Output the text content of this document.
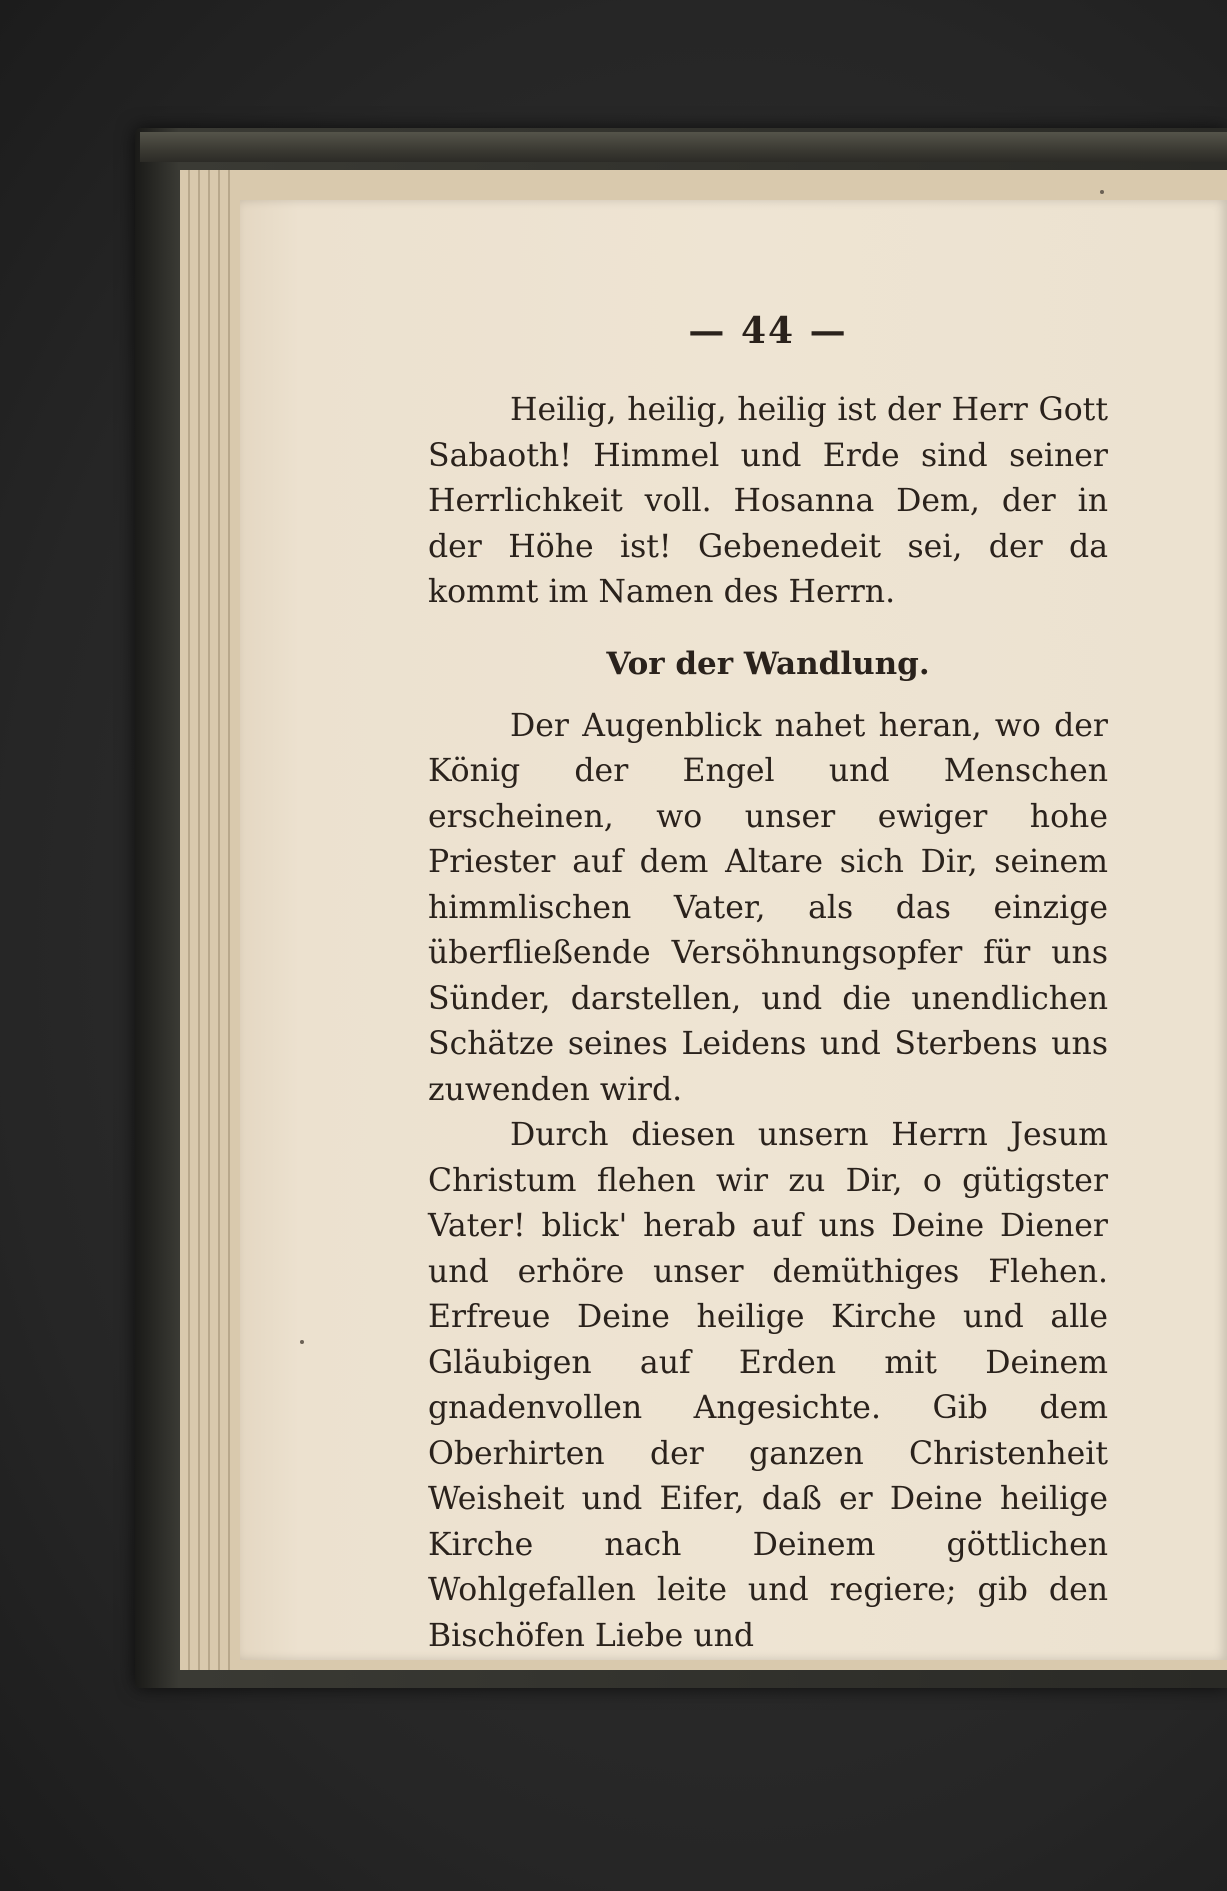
— 44 —

Heilig, heilig, heilig ist der Herr Gott Sabaoth! Himmel und Erde sind seiner Herrlichkeit voll. Hosanna Dem, der in der Höhe ist! Gebenedeit sei, der da kommt im Namen des Herrn.

Vor der Wandlung.

Der Augenblick nahet heran, wo der König der Engel und Menschen erscheinen, wo unser ewiger hohe Priester auf dem Altare sich Dir, seinem himmlischen Vater, als das einzige überfließende Versöhnungsopfer für uns Sünder, darstellen, und die unendlichen Schätze seines Leidens und Sterbens uns zuwenden wird.

Durch diesen unsern Herrn Jesum Christum flehen wir zu Dir, o gütigster Vater! blick' herab auf uns Deine Diener und erhöre unser demüthiges Flehen. Erfreue Deine heilige Kirche und alle Gläubigen auf Erden mit Deinem gnadenvollen Angesichte. Gib dem Oberhirten der ganzen Christenheit Weisheit und Eifer, daß er Deine heilige Kirche nach Deinem göttlichen Wohlgefallen leite und regiere; gib den Bischöfen Liebe und
